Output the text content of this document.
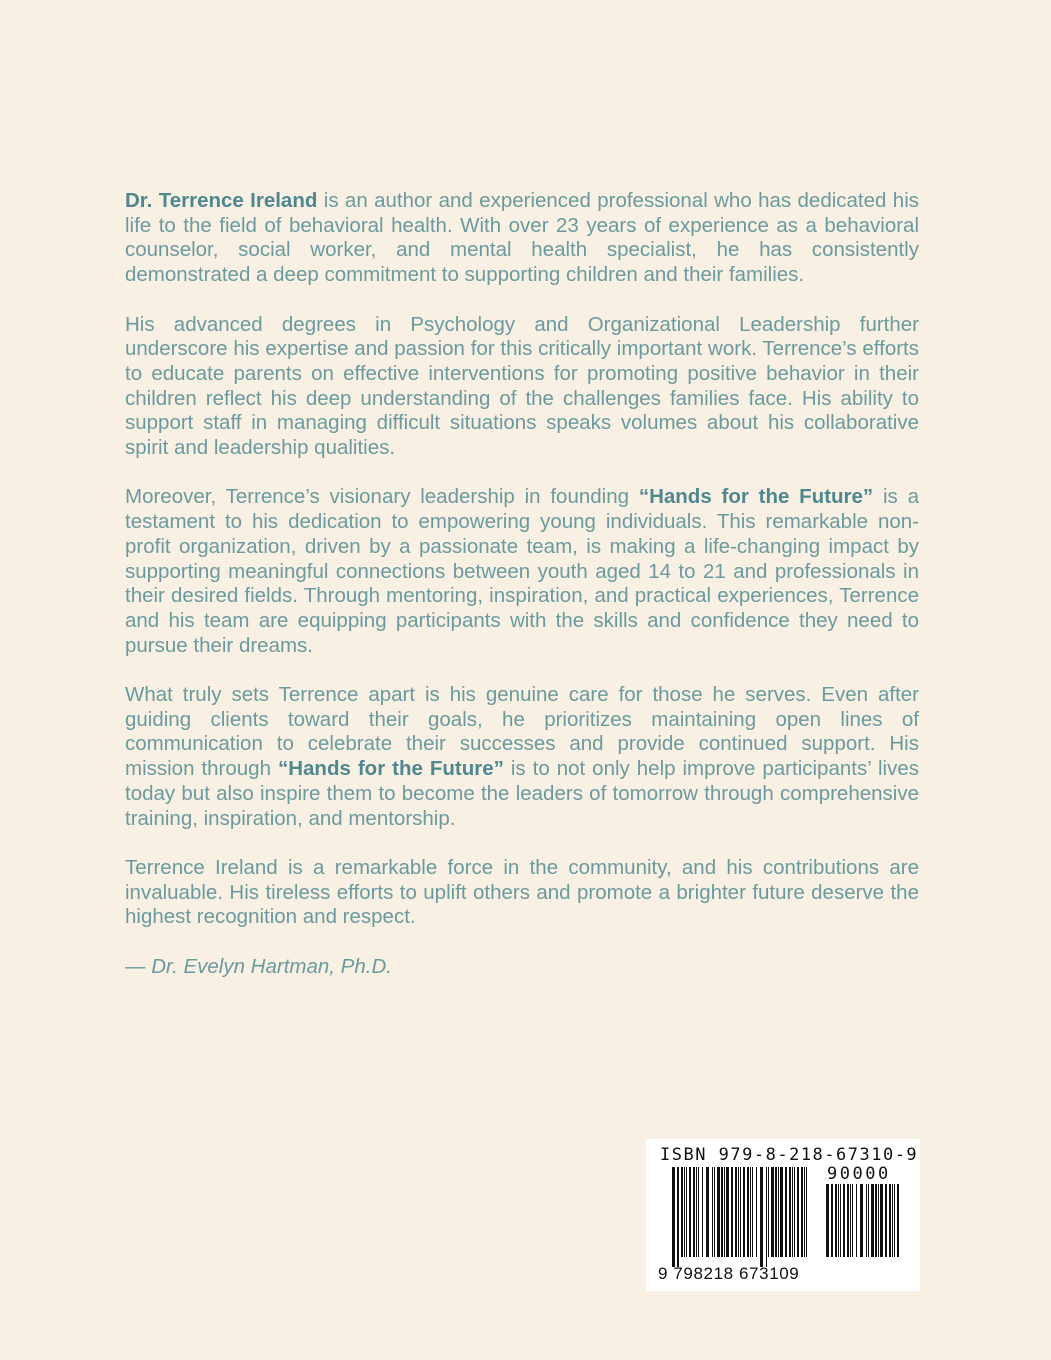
Dr. Terrence Ireland is an author and experienced professional who has dedicated his life to the field of behavioral health. With over 23 years of experience as a behavioral counselor, social worker, and mental health specialist, he has consistently demonstrated a deep commitment to supporting children and their families.

His advanced degrees in Psychology and Organizational Leadership further underscore his expertise and passion for this critically important work. Terrence’s efforts to educate parents on effective interventions for promoting positive behavior in their children reflect his deep understanding of the challenges families face. His ability to support staff in managing difficult situations speaks volumes about his collaborative spirit and leadership qualities.

Moreover, Terrence’s visionary leadership in founding “Hands for the Future” is a testament to his dedication to empowering young individuals. This remarkable non-profit organization, driven by a passionate team, is making a life-changing impact by supporting meaningful connections between youth aged 14 to 21 and professionals in their desired fields. Through mentoring, inspiration, and practical experiences, Terrence and his team are equipping participants with the skills and confidence they need to pursue their dreams.

What truly sets Terrence apart is his genuine care for those he serves. Even after guiding clients toward their goals, he prioritizes maintaining open lines of communication to celebrate their successes and provide continued support. His mission through “Hands for the Future” is to not only help improve participants’ lives today but also inspire them to become the leaders of tomorrow through comprehensive training, inspiration, and mentorship.

Terrence Ireland is a remarkable force in the community, and his contributions are invaluable. His tireless efforts to uplift others and promote a brighter future deserve the highest recognition and respect.

— Dr. Evelyn Hartman, Ph.D.

ISBN 979-8-218-67310-9
90000
9 798218 673109
